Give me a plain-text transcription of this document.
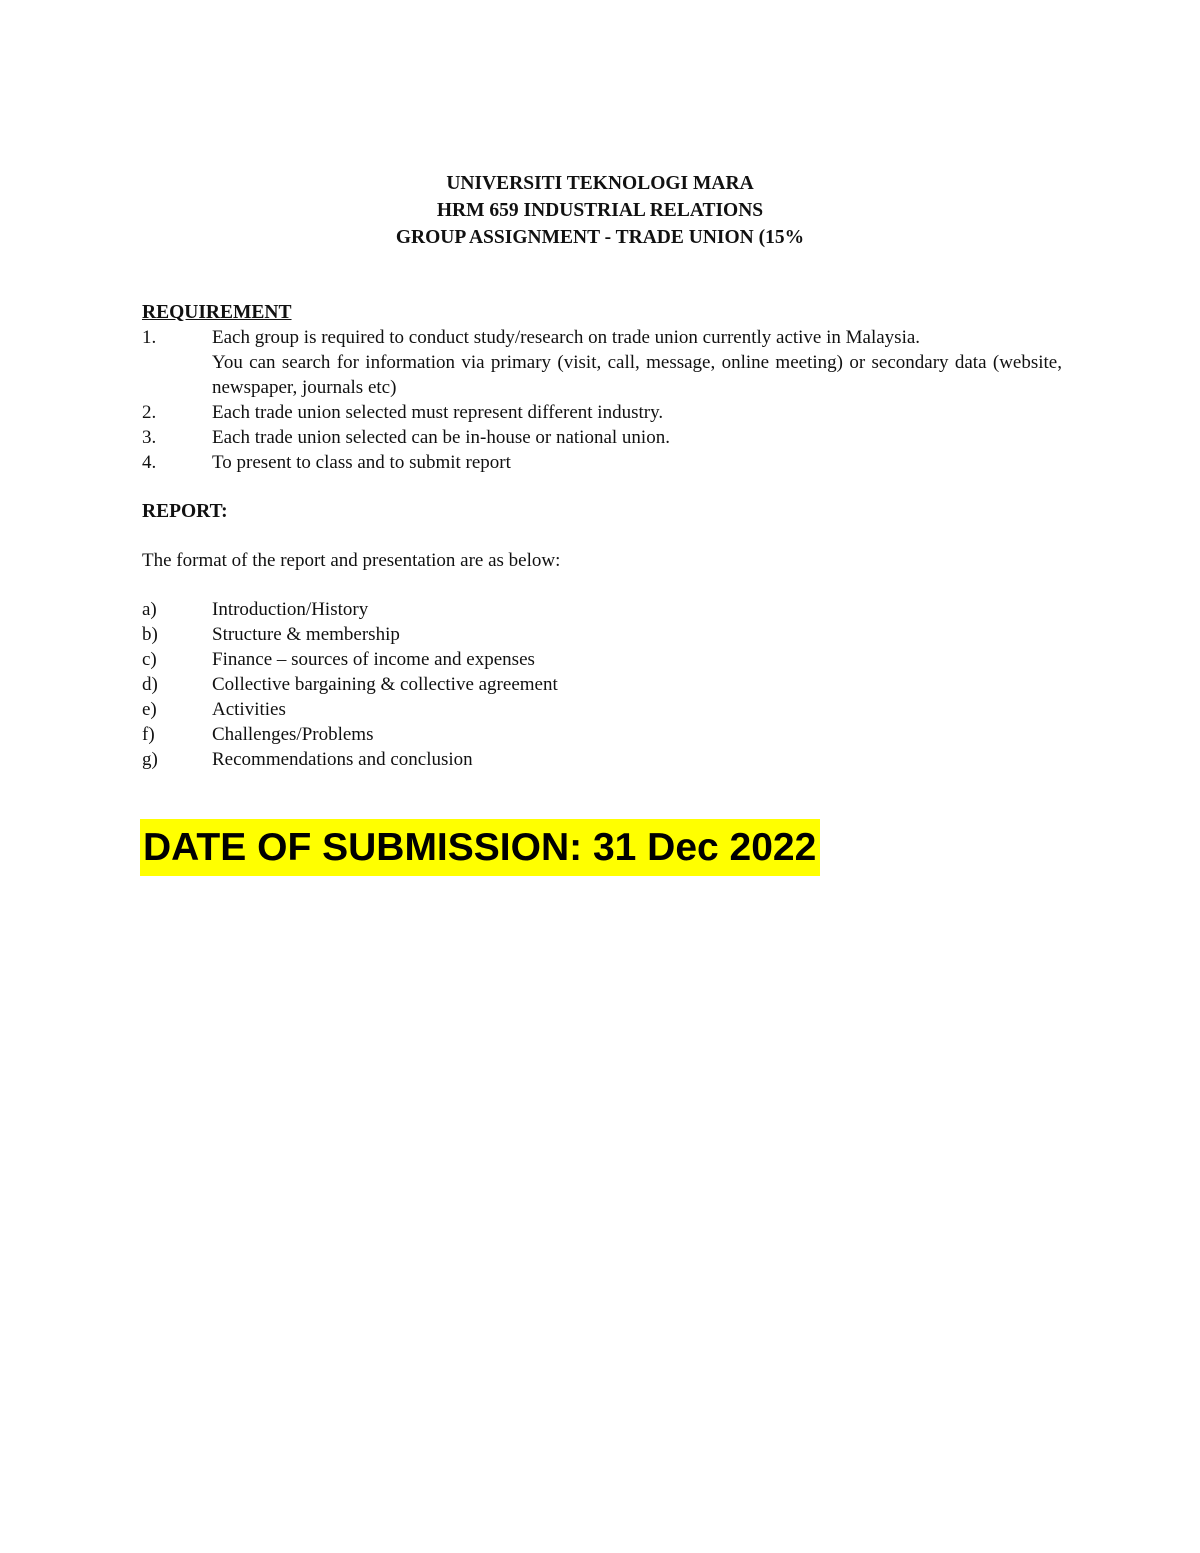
UNIVERSITI TEKNOLOGI MARA
HRM 659 INDUSTRIAL RELATIONS
GROUP ASSIGNMENT - TRADE UNION (15%
REQUIREMENT
1.	Each group is required to conduct study/research on trade union currently active in Malaysia.
You can search for information via primary (visit, call, message, online meeting) or secondary data (website, newspaper, journals etc)
2.	Each trade union selected must represent different industry.
3.	Each trade union selected can be in-house or national union.
4.	To present to class and to submit report
REPORT:
The format of the report and presentation are as below:
a)	Introduction/History
b)	Structure & membership
c)	Finance – sources of income and expenses
d)	Collective bargaining & collective agreement
e)	Activities
f)	Challenges/Problems
g)	Recommendations and conclusion
DATE OF SUBMISSION: 31 Dec 2022
